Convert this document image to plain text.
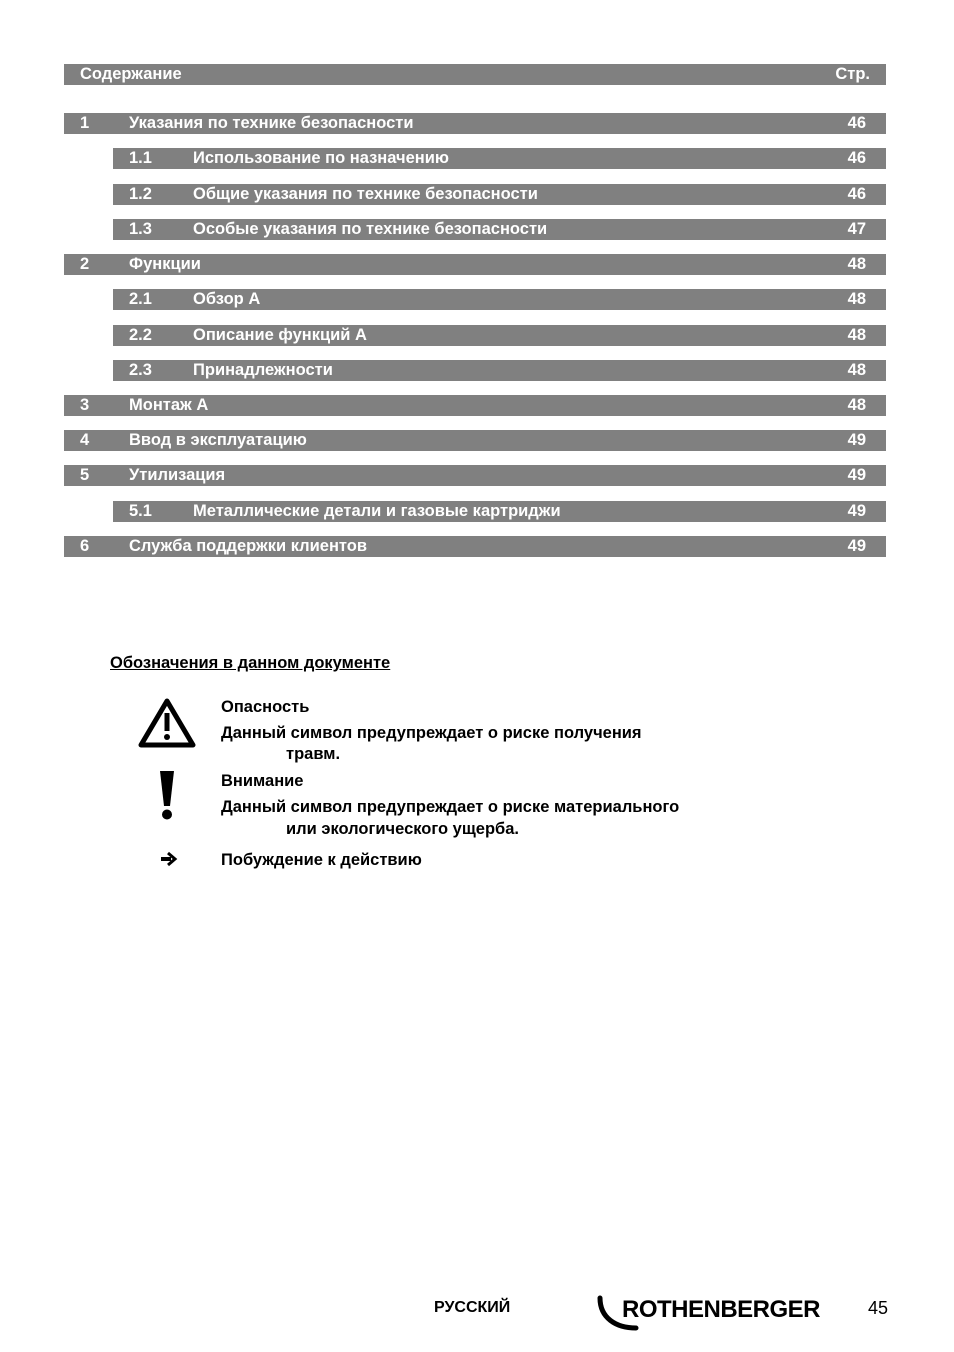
Содержание	Стр.
1 Указания по технике безопасности	46
1.1 Использование по назначению	46
1.2 Общие указания по технике безопасности	46
1.3 Особые указания по технике безопасности	47
2 Функции	48
2.1 Обзор A	48
2.2 Описание функций A	48
2.3 Принадлежности	48
3 Монтаж A	48
4 Ввод в эксплуатацию	49
5 Утилизация	49
5.1 Металлические детали и газовые картриджи	49
6 Служба поддержки клиентов	49
Обозначения в данном документе
Опасность
Данный символ предупреждает о риске получения
травм.
Внимание
Данный символ предупреждает о риске материального
или экологического ущерба.
Побуждение к действию
РУССКИЙ	ROTHENBERGER	45
